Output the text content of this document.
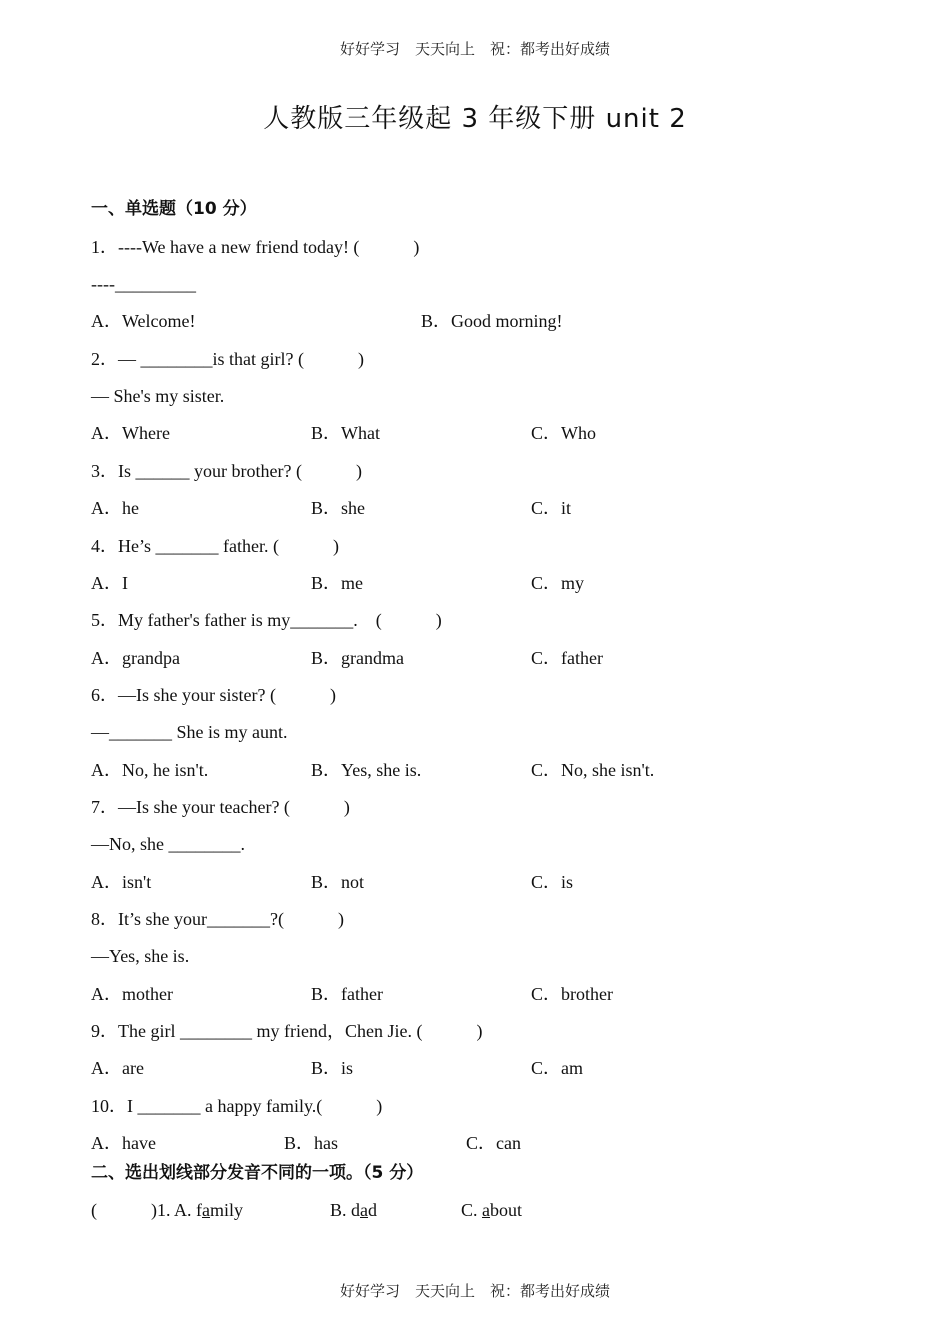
好好学习　天天向上　祝：都考出好成绩
人教版三年级起 3 年级下册 unit 2
一、单选题（10 分）
1．----We have a new friend today! (　　　)
----_________
A．Welcome!	B．Good morning!
2．— ________is that girl? (　　　)
— She's my sister.
A．Where	B．What	C．Who
3．Is ______ your brother? (　　　)
A．he	B．she	C．it
4．He’s _______ father. (　　　)
A．I	B．me	C．my
5．My father's father is my_______.　(　　　)
A．grandpa	B．grandma	C．father
6．—Is she your sister? (　　　)
—_______ She is my aunt.
A．No, he isn't.	B．Yes, she is.	C．No, she isn't.
7．—Is she your teacher? (　　　)
—No, she ________.
A．isn't	B．not	C．is
8．It’s she your_______?(　　　)
—Yes, she is.
A．mother	B．father	C．brother
9．The girl ________ my friend，Chen Jie. (　　　)
A．are	B．is	C．am
10．I _______ a happy family.(　　　)
A．have	B．has	C．can
二、选出划线部分发音不同的一项。（5 分）
(　　　)1. A. family	B. dad	C. about
好好学习　天天向上　祝：都考出好成绩
